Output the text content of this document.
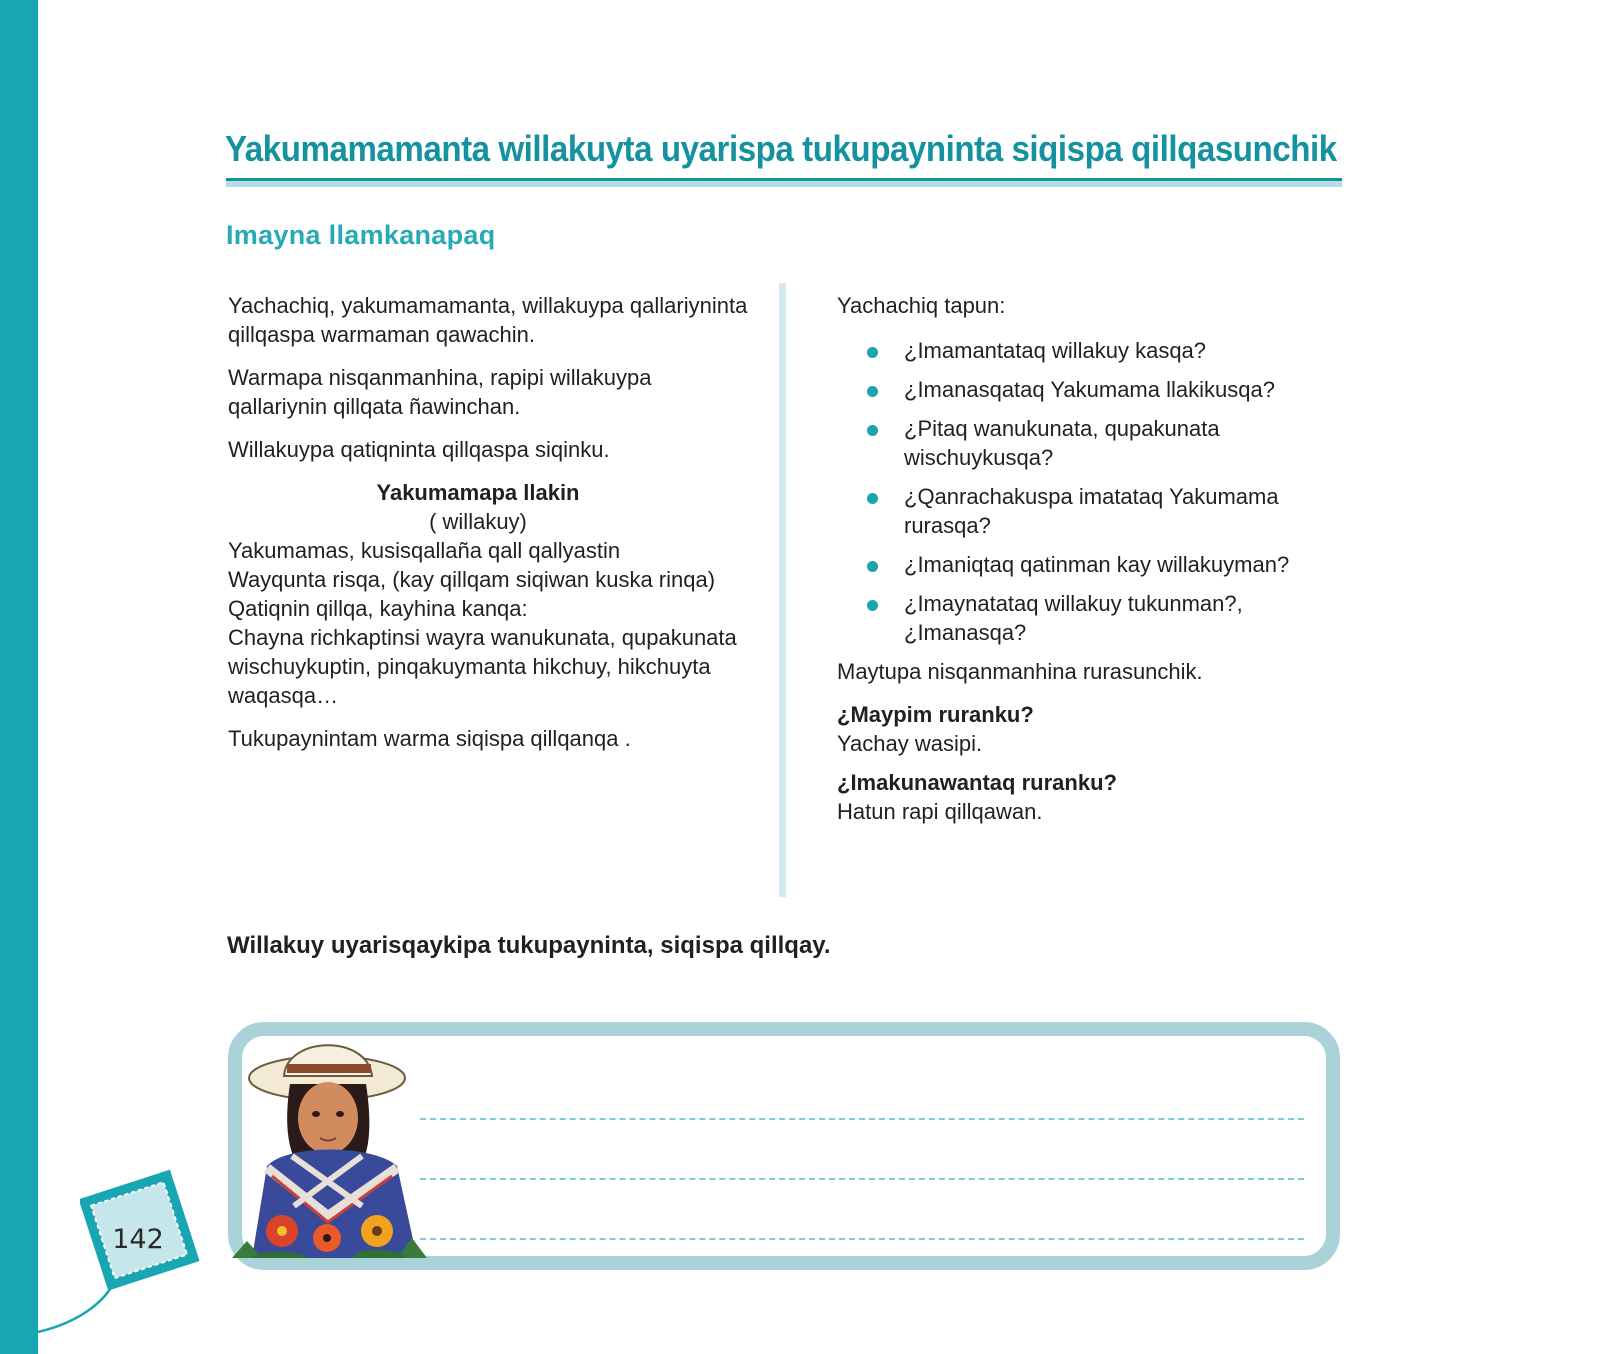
Yakumamamanta willakuyta uyarispa tukupayninta siqispa qillqasunchik
Imayna llamkanapaq

Yachachiq, yakumamamanta, willakuypa qallariyninta qillqaspa warmaman qawachin.

Warmapa nisqanmanhina, rapipi willakuypa qallariynin qillqata ñawinchan.

Willakuypa qatiqninta qillqaspa siqinku.

Yakumamapa llakin
( willakuy)
Yakumamas, kusisqallaña qall qallyastin
Wayqunta risqa, (kay qillqam siqiwan kuska rinqa)
Qatiqnin qillqa, kayhina kanqa:
Chayna richkaptinsi wayra wanukunata, qupakunata wischuykuptin, pinqakuymanta hikchuy, hikchuyta waqasqa…

Tukupaynintam warma siqispa qillqanqa .

Yachachiq tapun:

¿Imamantataq willakuy kasqa?
¿Imanasqataq Yakumama llakikusqa?
¿Pitaq wanukunata, qupakunata wischuykusqa?
¿Qanrachakuspa imatataq Yakumama rurasqa?
¿Imaniqtaq qatinman kay willakuyman?
¿Imaynatataq willakuy tukunman?, ¿Imanasqa?

Maytupa nisqanmanhina rurasunchik.

¿Maypim ruranku?
Yachay wasipi.
¿Imakunawantaq ruranku?
Hatun rapi qillqawan.

Willakuy uyarisqaykipa tukupayninta, siqispa qillqay.

142
